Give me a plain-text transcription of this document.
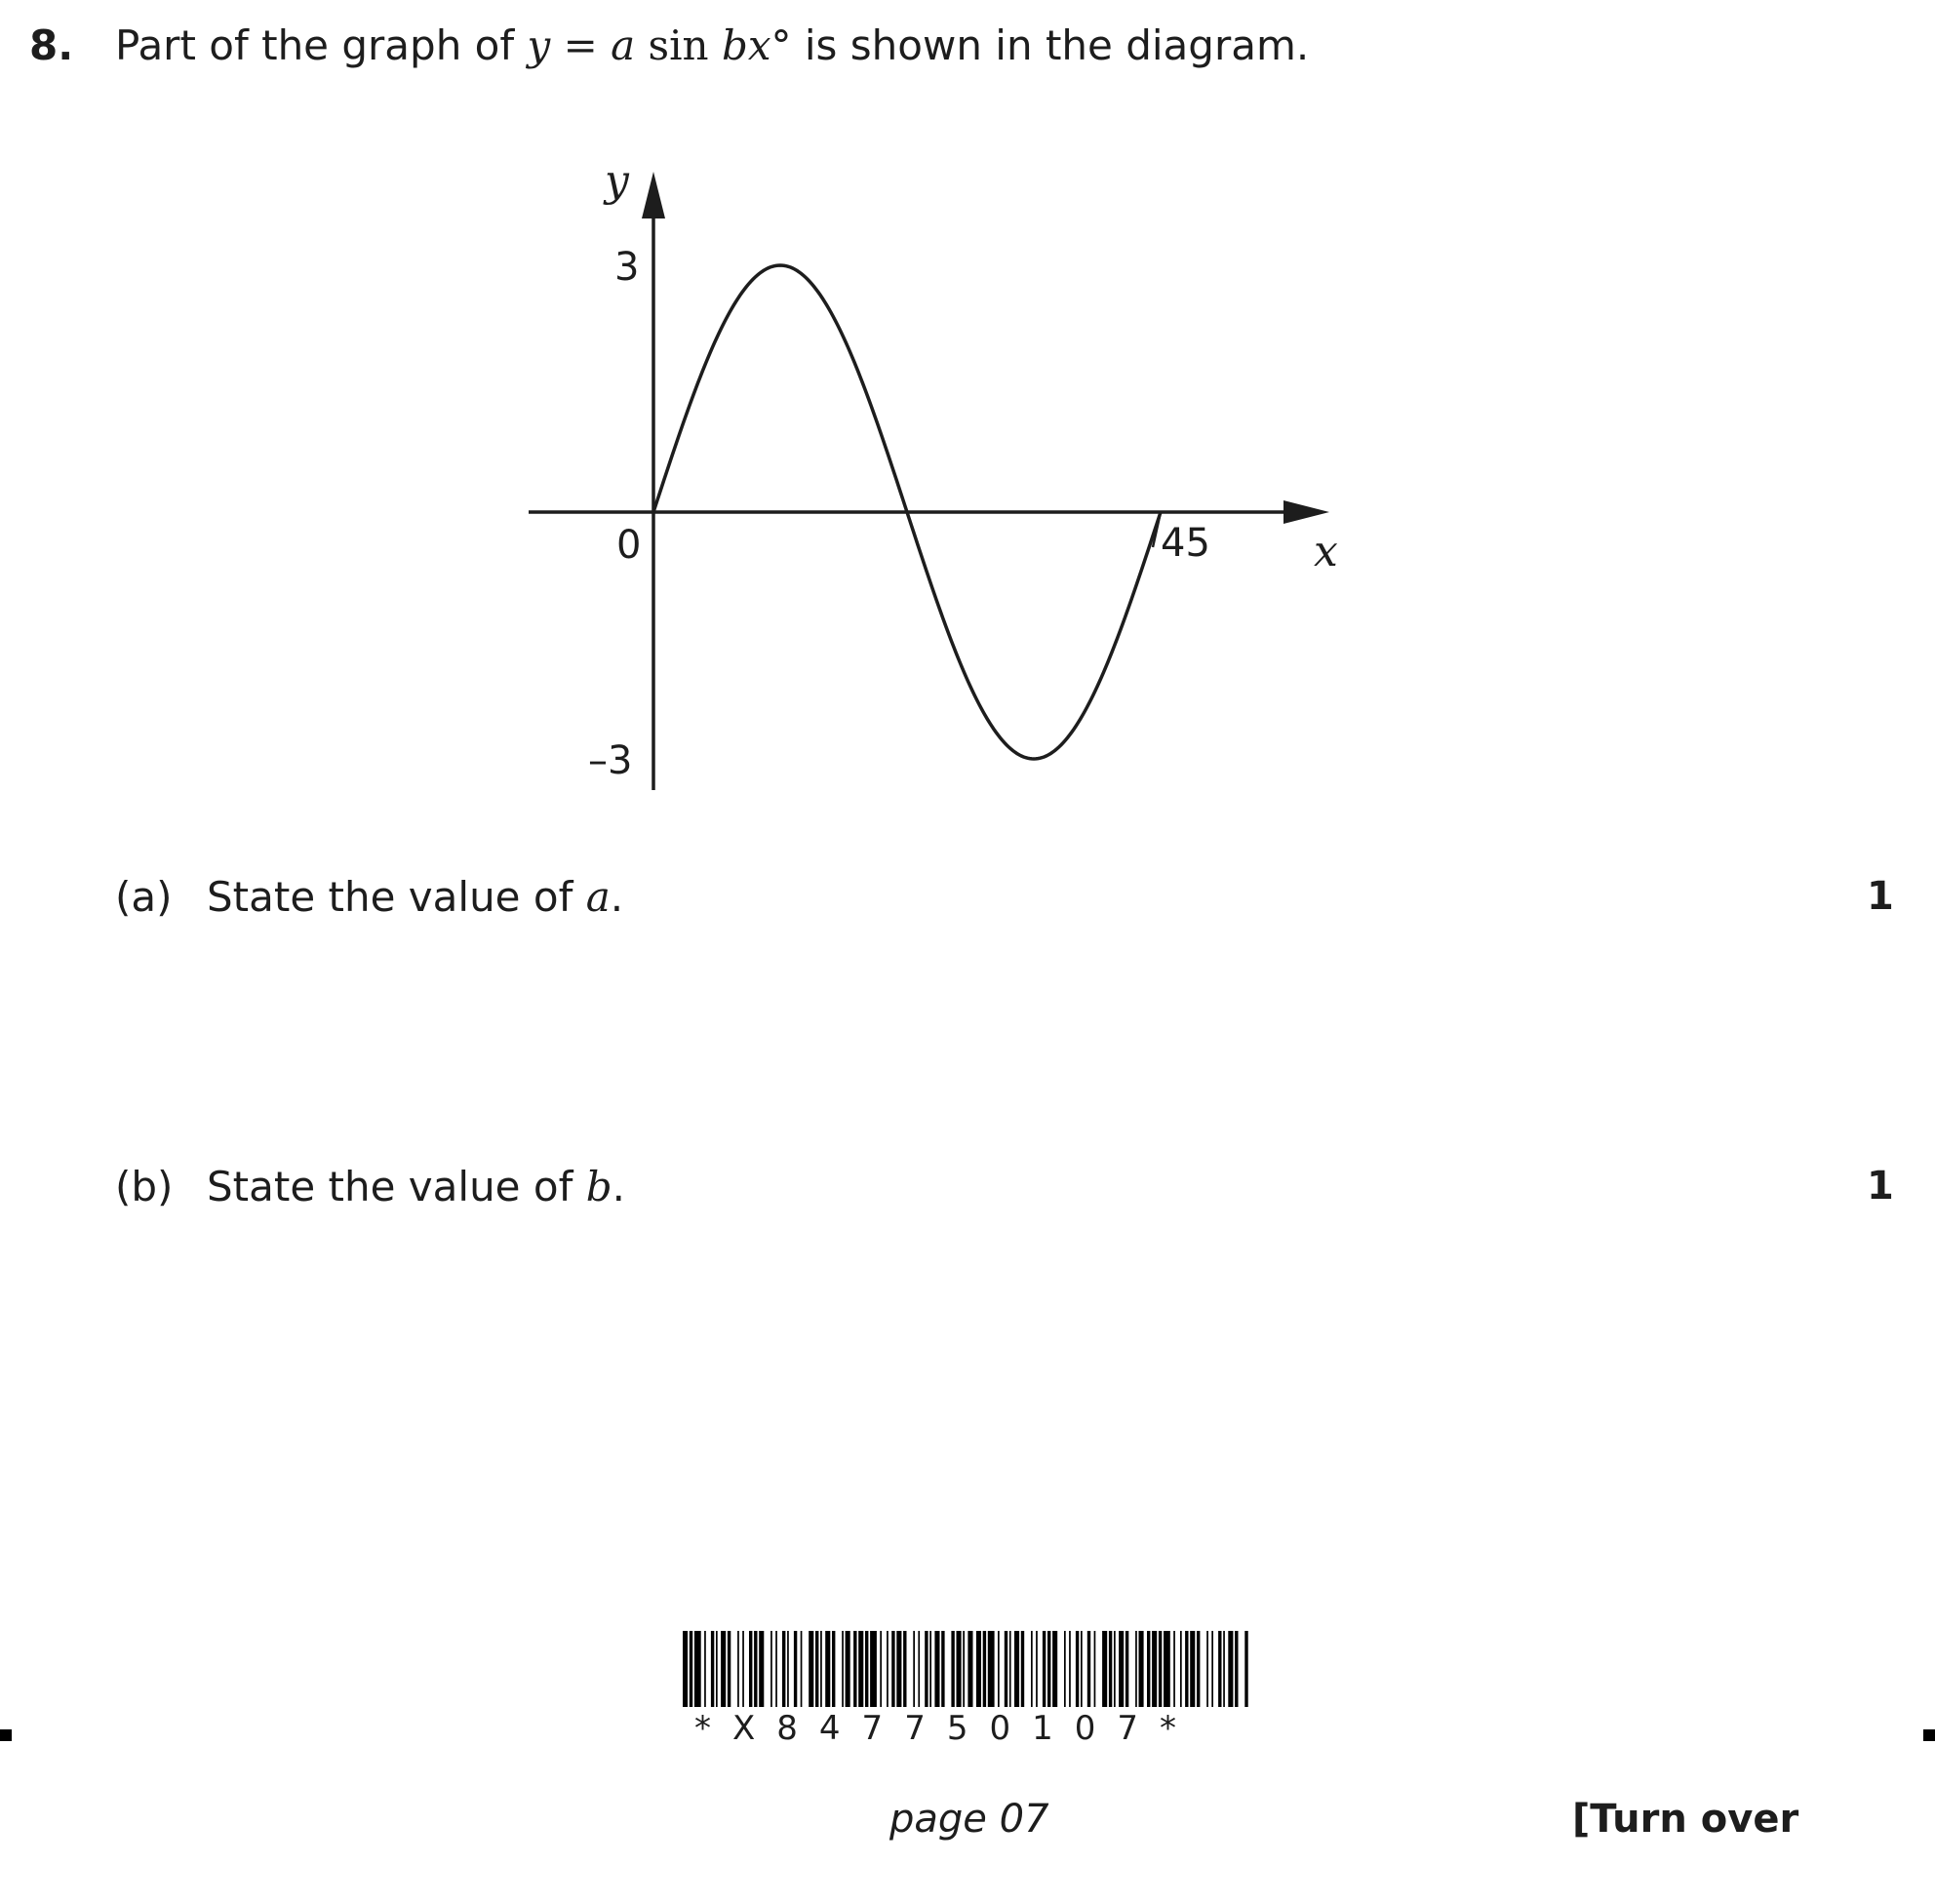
8. Part of the graph of y = a sin bx° is shown in the diagram.
y
x
0	45
3
–3
(a) State the value of a.	1
(b) State the value of b.	1
*X847750107*
page 07	[Turn over
